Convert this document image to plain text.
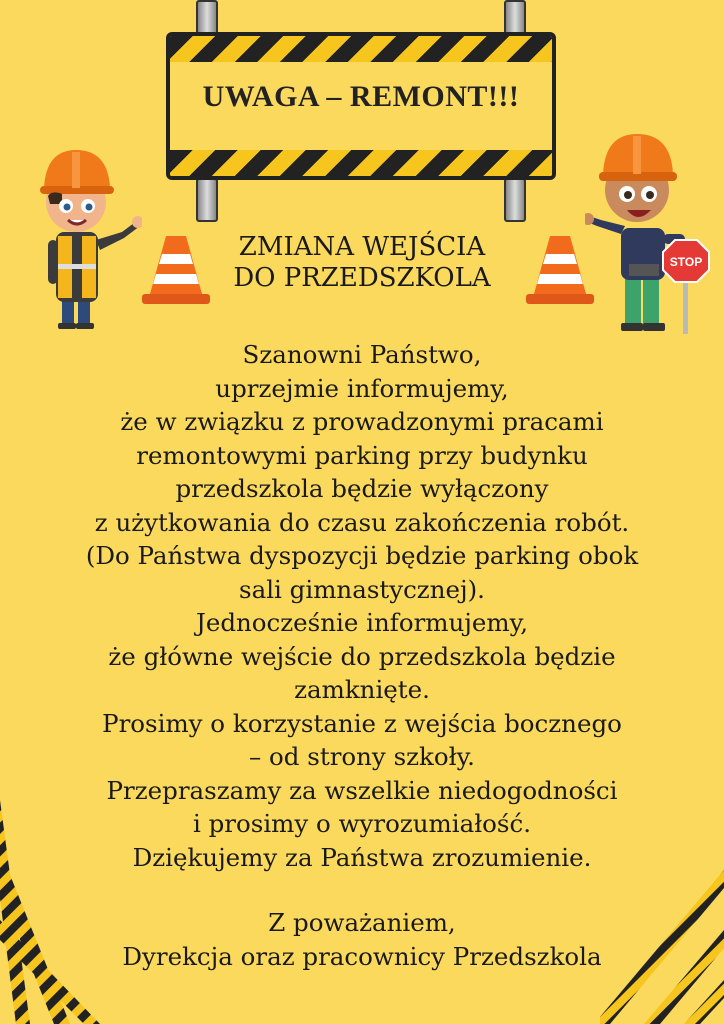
UWAGA – REMONT!!!
STOP
ZMIANA WEJŚCIA
DO PRZEDSZKOLA
Szanowni Państwo,
uprzejmie informujemy,
że w związku z prowadzonymi pracami
remontowymi parking przy budynku
przedszkola będzie wyłączony
z użytkowania do czasu zakończenia robót.
(Do Państwa dyspozycji będzie parking obok
sali gimnastycznej).
Jednocześnie informujemy,
że główne wejście do przedszkola będzie
zamknięte.
Prosimy o korzystanie z wejścia bocznego
– od strony szkoły.
Przepraszamy za wszelkie niedogodności
i prosimy o wyrozumiałość.
Dziękujemy za Państwa zrozumienie.
Z poważaniem,
Dyrekcja oraz pracownicy Przedszkola
